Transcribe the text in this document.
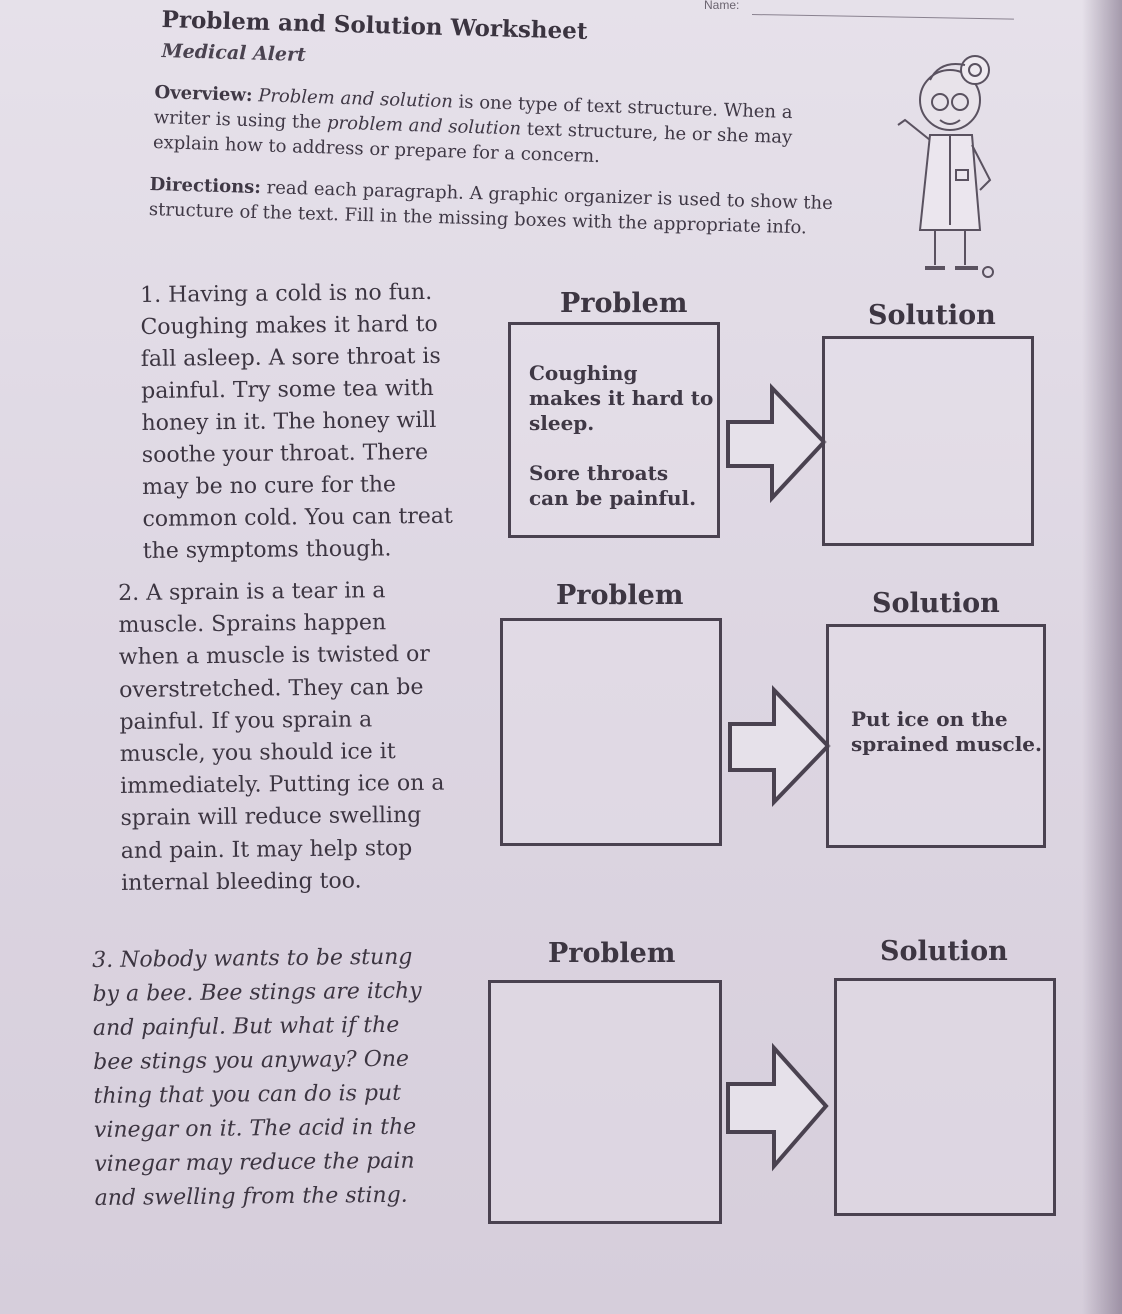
Name:
Problem and Solution Worksheet
Medical Alert
Overview: Problem and solution is one type of text structure. When a writer is using the problem and solution text structure, he or she may explain how to address or prepare for a concern.
Directions: read each paragraph. A graphic organizer is used to show the structure of the text. Fill in the missing boxes with the appropriate info.
1. Having a cold is no fun. Coughing makes it hard to fall asleep. A sore throat is painful. Try some tea with honey in it. The honey will soothe your throat. There may be no cure for the common cold. You can treat the symptoms though.
Problem	Solution
Coughing
makes it hard to
sleep.
Sore throats
can be painful.
2. A sprain is a tear in a muscle. Sprains happen when a muscle is twisted or overstretched. They can be painful. If you sprain a muscle, you should ice it immediately. Putting ice on a sprain will reduce swelling and pain. It may help stop internal bleeding too.
Problem	Solution
Put ice on the
sprained muscle.
3. Nobody wants to be stung by a bee. Bee stings are itchy and painful. But what if the bee stings you anyway? One thing that you can do is put vinegar on it. The acid in the vinegar may reduce the pain and swelling from the sting.
Problem	Solution
